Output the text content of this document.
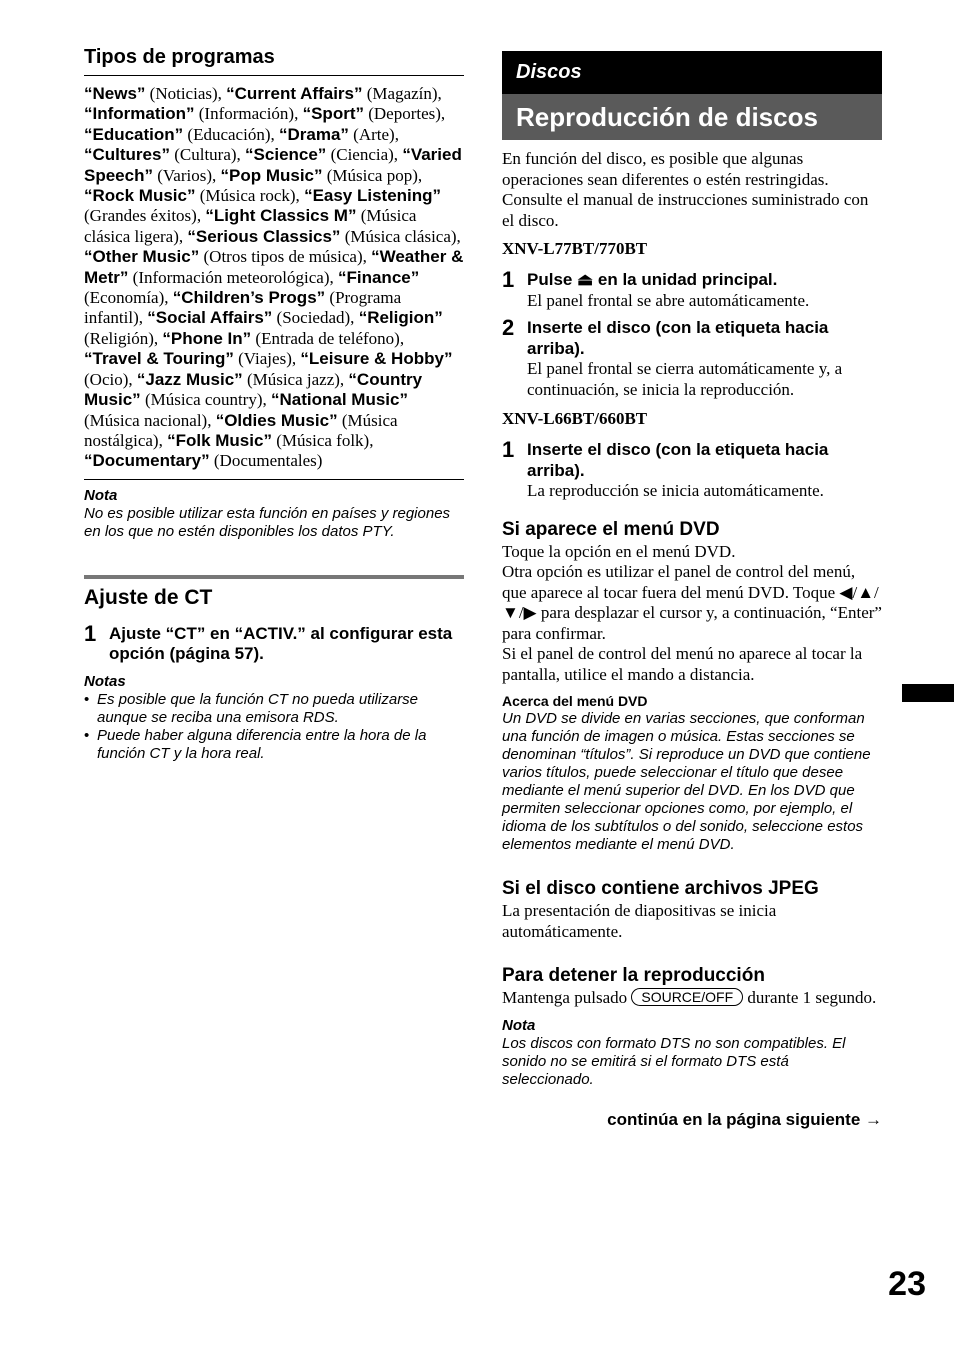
Tipos de programas

“News” (Noticias), “Current Affairs” (Magazín), “Information” (Información), “Sport” (Deportes), “Education” (Educación), “Drama” (Arte), “Cultures” (Cultura), “Science” (Ciencia), “Varied Speech” (Varios), “Pop Music” (Música pop), “Rock Music” (Música rock), “Easy Listening” (Grandes éxitos), “Light Classics M” (Música clásica ligera), “Serious Classics” (Música clásica), “Other Music” (Otros tipos de música), “Weather & Metr” (Información meteorológica), “Finance” (Economía), “Children’s Progs” (Programa infantil), “Social Affairs” (Sociedad), “Religion” (Religión), “Phone In” (Entrada de teléfono), “Travel & Touring” (Viajes), “Leisure & Hobby” (Ocio), “Jazz Music” (Música jazz), “Country Music” (Música country), “National Music” (Música nacional), “Oldies Music” (Música nostálgica), “Folk Music” (Música folk), “Documentary” (Documentales)

Nota

No es posible utilizar esta función en países y regiones en los que no estén disponibles los datos PTY.

Ajuste de CT
1 Ajuste “CT” en “ACTIV.” al configurar esta opción (página 57).

Notas

• Es posible que la función CT no pueda utilizarse aunque se reciba una emisora RDS.
• Puede haber alguna diferencia entre la hora de la función CT y la hora real.
Discos
Reproducción de discos

En función del disco, es posible que algunas operaciones sean diferentes o estén restringidas. Consulte el manual de instrucciones suministrado con el disco.

XNV-L77BT/770BT

1 Pulse ⏏ en la unidad principal.

El panel frontal se abre automáticamente.

2 Inserte el disco (con la etiqueta hacia arriba).

El panel frontal se cierra automáticamente y, a continuación, se inicia la reproducción.

XNV-L66BT/660BT

1 Inserte el disco (con la etiqueta hacia arriba).

La reproducción se inicia automáticamente.

Si aparece el menú DVD

Toque la opción en el menú DVD.

Otra opción es utilizar el panel de control del menú, que aparece al tocar fuera del menú DVD. Toque ◀/▲/▼/▶ para desplazar el cursor y, a continuación, “Enter” para confirmar.

Si el panel de control del menú no aparece al tocar la pantalla, utilice el mando a distancia.

Acerca del menú DVD

Un DVD se divide en varias secciones, que conforman una función de imagen o música. Estas secciones se denominan “títulos”. Si reproduce un DVD que contiene varios títulos, puede seleccionar el título que desee mediante el menú superior del DVD. En los DVD que permiten seleccionar opciones como, por ejemplo, el idioma de los subtítulos o del sonido, seleccione estos elementos mediante el menú DVD.

Si el disco contiene archivos JPEG

La presentación de diapositivas se inicia automáticamente.

Para detener la reproducción

Mantenga pulsado SOURCE/OFF durante 1 segundo.

Nota

Los discos con formato DTS no son compatibles. El sonido no se emitirá si el formato DTS está seleccionado.

continúa en la página siguiente →

23
